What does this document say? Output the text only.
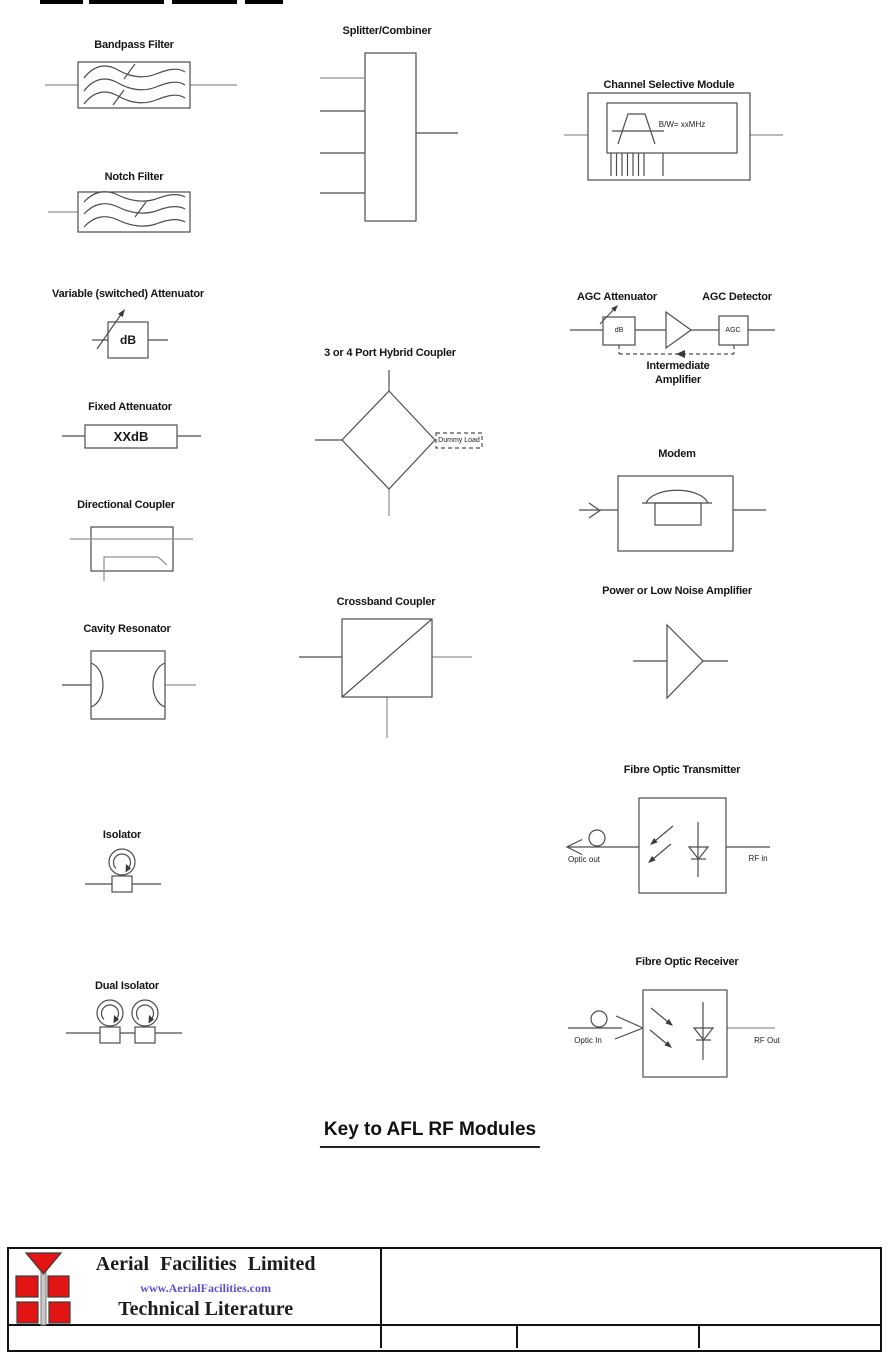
Bandpass Filter
Splitter/Combiner
Channel Selective Module
Notch Filter
Variable (switched) Attenuator
Fixed Attenuator
Directional Coupler
Cavity Resonator
Isolator
Dual Isolator
3 or 4 Port Hybrid Coupler
Crossband Coupler
AGC Attenuator	AGC Detector
Intermediate
Amplifier
Modem
Power or Low Noise Amplifier
Fibre Optic Transmitter
Fibre Optic Receiver
dB
XXdB
B/W= xxMHz
Dummy Load
dB	AGC
Optic out	RF in
Optic In	RF Out
Key to AFL RF Modules
Aerial Facilities Limited
www.AerialFacilities.com
Technical Literature
